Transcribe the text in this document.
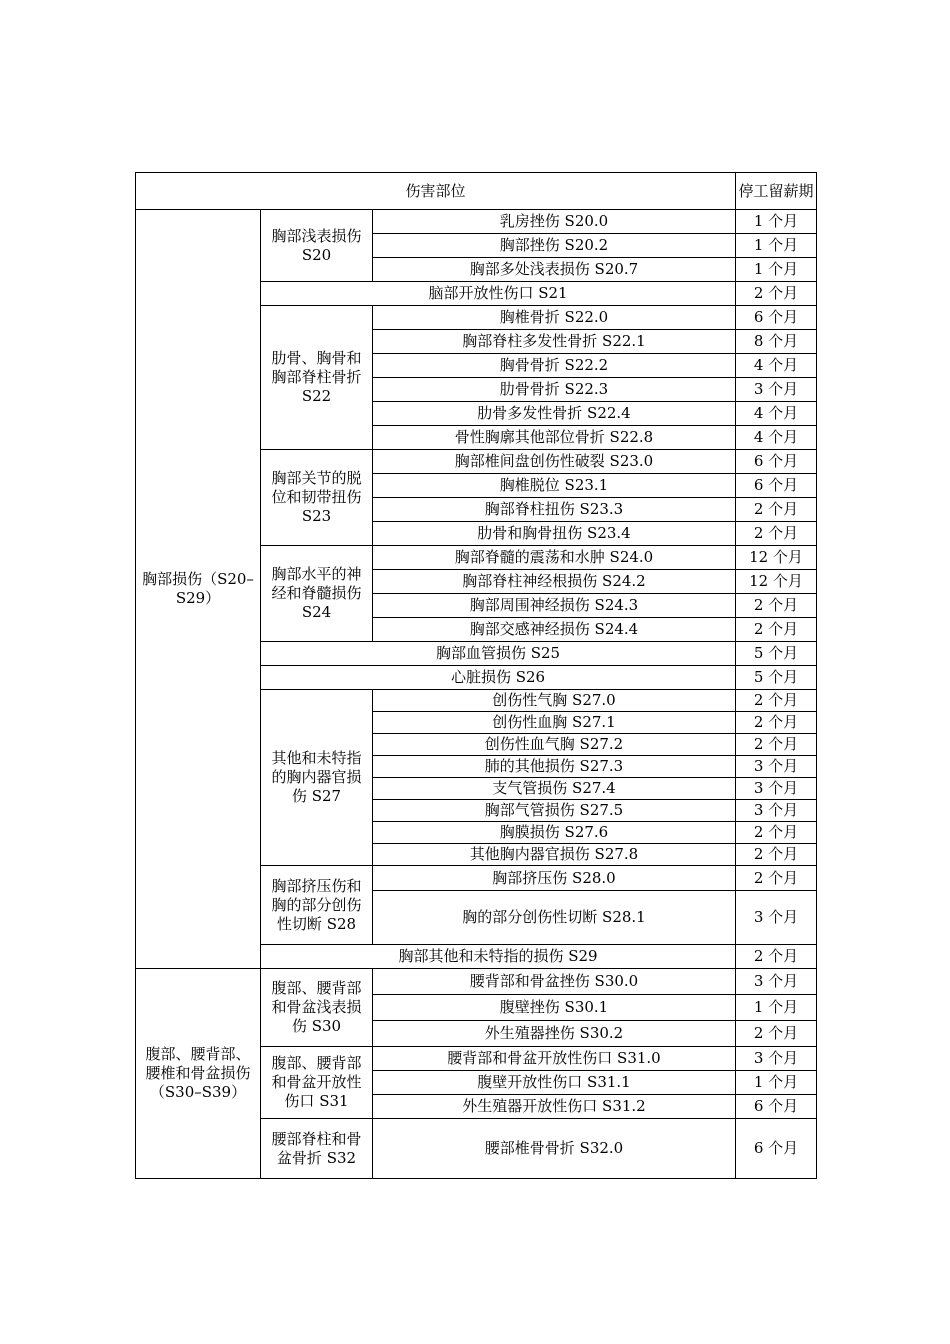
伤害部位			停工留薪期
胸部损伤（S20–S29）	胸部浅表损伤 S20	乳房挫伤 S20.0	1 个月
		胸部挫伤 S20.2	1 个月
		胸部多处浅表损伤 S20.7	1 个月
	脑部开放性伤口 S21		2 个月
	肋骨、胸骨和胸部脊柱骨折 S22	胸椎骨折 S22.0	6 个月
		胸部脊柱多发性骨折 S22.1	8 个月
		胸骨骨折 S22.2	4 个月
		肋骨骨折 S22.3	3 个月
		肋骨多发性骨折 S22.4	4 个月
		骨性胸廓其他部位骨折 S22.8	4 个月
	胸部关节的脱位和韧带扭伤 S23	胸部椎间盘创伤性破裂 S23.0	6 个月
		胸椎脱位 S23.1	6 个月
		胸部脊柱扭伤 S23.3	2 个月
		肋骨和胸骨扭伤 S23.4	2 个月
	胸部水平的神经和脊髓损伤 S24	胸部脊髓的震荡和水肿 S24.0	12 个月
		胸部脊柱神经根损伤 S24.2	12 个月
		胸部周围神经损伤 S24.3	2 个月
		胸部交感神经损伤 S24.4	2 个月
	胸部血管损伤 S25		5 个月
	心脏损伤 S26		5 个月
	其他和未特指的胸内器官损伤 S27	创伤性气胸 S27.0	2 个月
		创伤性血胸 S27.1	2 个月
		创伤性血气胸 S27.2	2 个月
		肺的其他损伤 S27.3	3 个月
		支气管损伤 S27.4	3 个月
		胸部气管损伤 S27.5	3 个月
		胸膜损伤 S27.6	2 个月
		其他胸内器官损伤 S27.8	2 个月
	胸部挤压伤和胸的部分创伤性切断 S28	胸部挤压伤 S28.0	2 个月
		胸的部分创伤性切断 S28.1	3 个月
	胸部其他和未特指的损伤 S29		2 个月
腹部、腰背部、腰椎和骨盆损伤（S30–S39）	腹部、腰背部和骨盆浅表损伤 S30	腰背部和骨盆挫伤 S30.0	3 个月
		腹壁挫伤 S30.1	1 个月
		外生殖器挫伤 S30.2	2 个月
	腹部、腰背部和骨盆开放性伤口 S31	腰背部和骨盆开放性伤口 S31.0	3 个月
		腹壁开放性伤口 S31.1	1 个月
		外生殖器开放性伤口 S31.2	6 个月
	腰部脊柱和骨盆骨折 S32	腰部椎骨骨折 S32.0	6 个月
